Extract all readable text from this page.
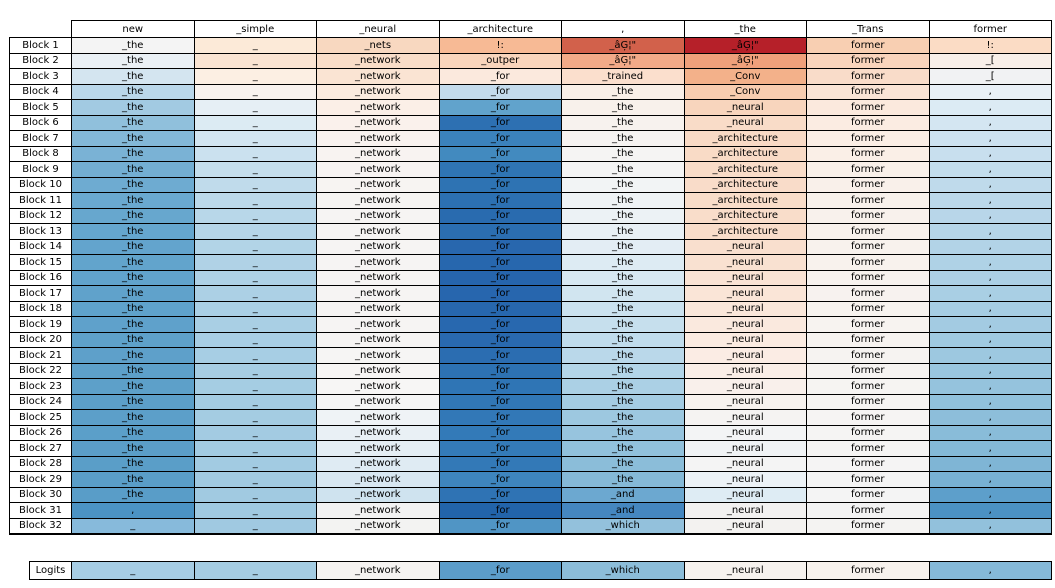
	new	_simple	_neural	_architecture	,	_the	_Trans	former
Block 1	_the	_	_nets	!:	_âĢ¦"	_âĢ¦"	former	!:
Block 2	_the	_	_network	_outper	_âĢ¦"	_âĢ¦"	former	_[
Block 3	_the	_	_network	_for	_trained	_Conv	former	_[
Block 4	_the	_	_network	_for	_the	_Conv	former	,
Block 5	_the	_	_network	_for	_the	_neural	former	,
Block 6	_the	_	_network	_for	_the	_neural	former	,
Block 7	_the	_	_network	_for	_the	_architecture	former	,
Block 8	_the	_	_network	_for	_the	_architecture	former	,
Block 9	_the	_	_network	_for	_the	_architecture	former	,
Block 10	_the	_	_network	_for	_the	_architecture	former	,
Block 11	_the	_	_network	_for	_the	_architecture	former	,
Block 12	_the	_	_network	_for	_the	_architecture	former	,
Block 13	_the	_	_network	_for	_the	_architecture	former	,
Block 14	_the	_	_network	_for	_the	_neural	former	,
Block 15	_the	_	_network	_for	_the	_neural	former	,
Block 16	_the	_	_network	_for	_the	_neural	former	,
Block 17	_the	_	_network	_for	_the	_neural	former	,
Block 18	_the	_	_network	_for	_the	_neural	former	,
Block 19	_the	_	_network	_for	_the	_neural	former	,
Block 20	_the	_	_network	_for	_the	_neural	former	,
Block 21	_the	_	_network	_for	_the	_neural	former	,
Block 22	_the	_	_network	_for	_the	_neural	former	,
Block 23	_the	_	_network	_for	_the	_neural	former	,
Block 24	_the	_	_network	_for	_the	_neural	former	,
Block 25	_the	_	_network	_for	_the	_neural	former	,
Block 26	_the	_	_network	_for	_the	_neural	former	,
Block 27	_the	_	_network	_for	_the	_neural	former	,
Block 28	_the	_	_network	_for	_the	_neural	former	,
Block 29	_the	_	_network	_for	_the	_neural	former	,
Block 30	_the	_	_network	_for	_and	_neural	former	,
Block 31	,	_	_network	_for	_and	_neural	former	,
Block 32	_	_	_network	_for	_which	_neural	former	,
Logits	_	_	_network	_for	_which	_neural	former	,
